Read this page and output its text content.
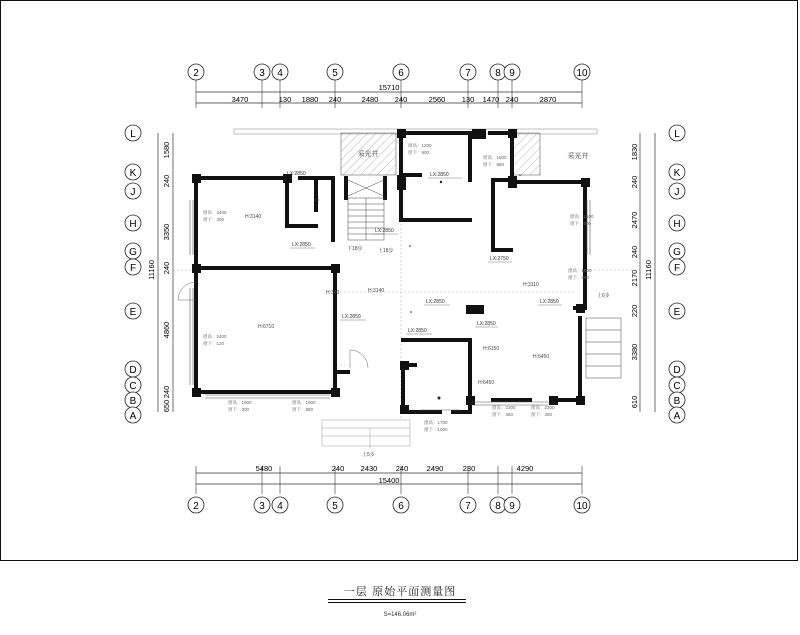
2	3 4	5	6	7 8 9	10
2	3 4	5	6	7 8 9	10
L
K
J
H
G
F
E
D
C
B
A
L
K
J
H
G
F
E
D
C
B
A
15710
3470	130 1880 240	2480 240	2560 130 1470 240	2870
5480	240 2430 240 2490	230	4290
15400
11160
1580
240
3350
240
4860
240
650
11160
1830
240
2470
240
2170
220
3380
610
采光井	采光井
下18步	上18步
上6步
上5步
H:3140
H:6710
H:3140
H:360
H:3110
H:6150
H:6450
H:6450
LX:2850
LX:2850
LX:2850
LX:2750
LX:2850	LX:2850
LX:2850
LX:2850
LX:2850
LX:2850
窗高：2400
窗下：300
窗高：2400
窗下：120
窗高：1900
窗下：300
窗高：1900
窗下：880
窗高：1500
窗下：600
窗高：1500
窗下：800
窗高：2300
窗下：350
窗高：2300
窗下：350
窗高：1700
窗下：1000
窗高：1200
窗下：900
窗高：1600
窗下：880
一层 原始平面测量图
S=146.06m²
